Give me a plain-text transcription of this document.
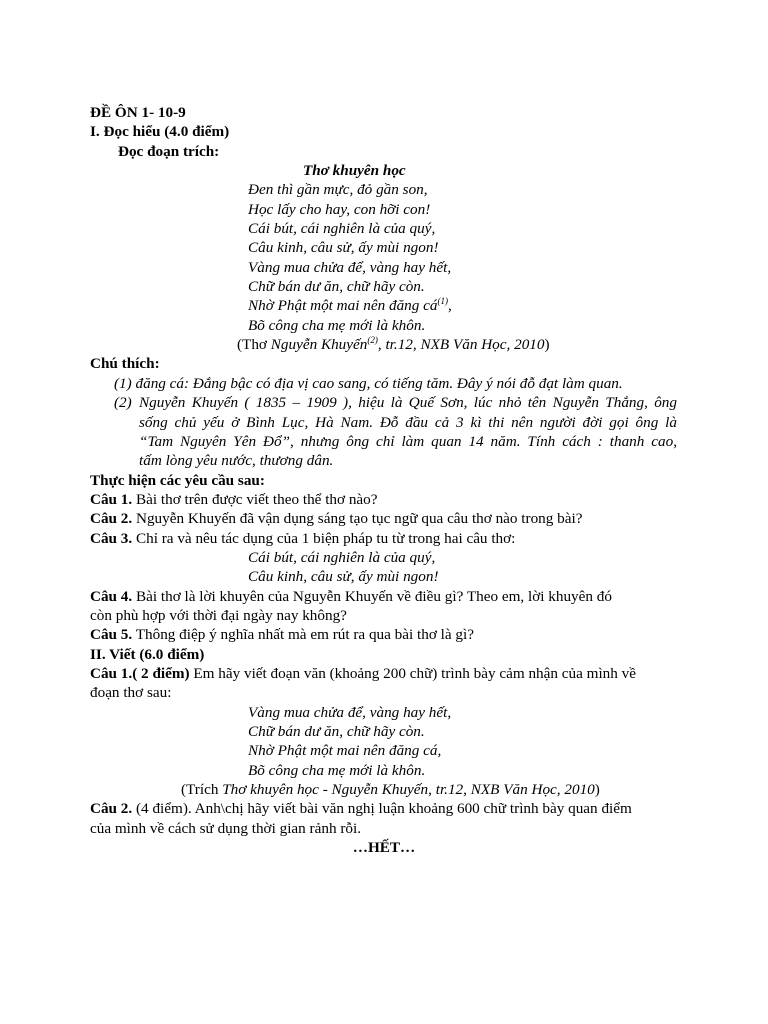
ĐỀ ÔN 1- 10-9
I. Đọc hiểu (4.0 điểm)
Đọc đoạn trích:
Thơ khuyên học
Đen thì gần mực, đỏ gần son,
Học lấy cho hay, con hỡi con!
Cái bút, cái nghiên là của quý,
Câu kinh, câu sử, ấy mùi ngon!
Vàng mua chửa để, vàng hay hết,
Chữ bán dư ăn, chữ hãy còn.
Nhờ Phật một mai nên đăng $cá^{(1)}$,
Bõ công cha mẹ mới là khôn.
(Thơ Nguyễn Khuyến$^{(2)}$, tr.12, NXB Văn Học, 2010)
Chú thích:
(1) đăng cá: Đắng bậc có địa vị cao sang, có tiếng tăm. Đây ý nói đỗ đạt làm quan.
(2) Nguyễn Khuyến ( 1835 – 1909 ), hiệu là Quế Sơn, lúc nhỏ tên Nguyễn Thắng, ông
sống chủ yếu ở Bình Lục, Hà Nam. Đỗ đầu cả 3 kì thi nên người đời gọi ông là
“Tam Nguyên Yên Đổ”, nhưng ông chỉ làm quan 14 năm. Tính cách : thanh cao,
tấm lòng yêu nước, thương dân.
Thực hiện các yêu cầu sau:
Câu 1. Bài thơ trên được viết theo thể thơ nào?
Câu 2. Nguyễn Khuyến đã vận dụng sáng tạo tục ngữ qua câu thơ nào trong bài?
Câu 3. Chỉ ra và nêu tác dụng của 1 biện pháp tu từ trong hai câu thơ:
Cái bút, cái nghiên là của quý,
Câu kinh, câu sử, ấy mùi ngon!
Câu 4. Bài thơ là lời khuyên của Nguyễn Khuyến về điều gì? Theo em, lời khuyên đó
còn phù hợp với thời đại ngày nay không?
Câu 5. Thông điệp ý nghĩa nhất mà em rút ra qua bài thơ là gì?
II. Viết (6.0 điểm)
Câu 1.( 2 điểm) Em hãy viết đoạn văn (khoảng 200 chữ) trình bày cảm nhận của mình về
đoạn thơ sau:
Vàng mua chửa để, vàng hay hết,
Chữ bán dư ăn, chữ hãy còn.
Nhờ Phật một mai nên đăng cá,
Bõ công cha mẹ mới là khôn.
(Trích Thơ khuyên học - Nguyễn Khuyến, tr.12, NXB Văn Học, 2010)
Câu 2. (4 điểm). Anh\chị hãy viết bài văn nghị luận khoảng 600 chữ trình bày quan điểm
của mình về cách sử dụng thời gian rảnh rỗi.
…HẾT…
